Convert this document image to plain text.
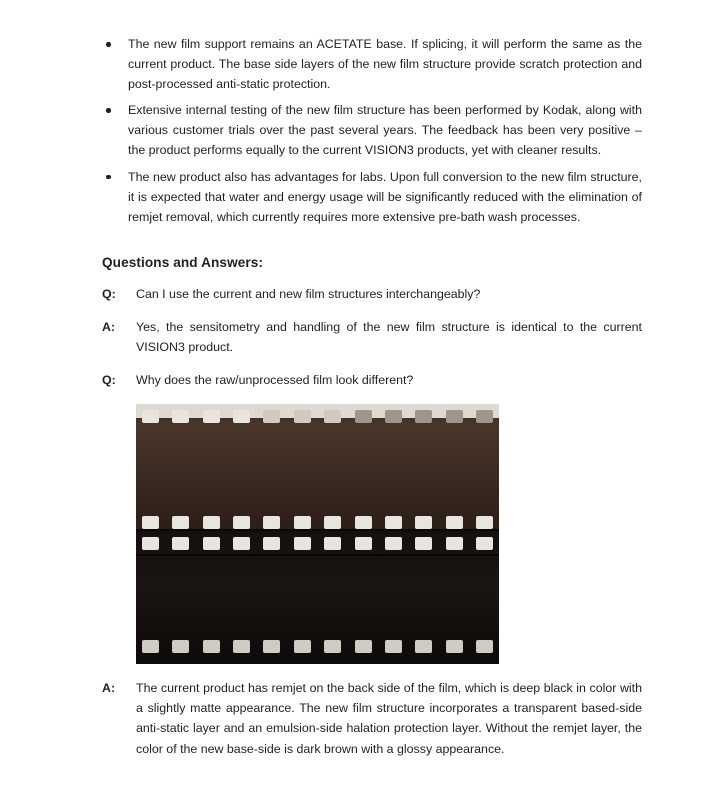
The new film support remains an ACETATE base. If splicing, it will perform the same as the current product. The base side layers of the new film structure provide scratch protection and post-processed anti-static protection.
Extensive internal testing of the new film structure has been performed by Kodak, along with various customer trials over the past several years. The feedback has been very positive – the product performs equally to the current VISION3 products, yet with cleaner results.
The new product also has advantages for labs. Upon full conversion to the new film structure, it is expected that water and energy usage will be significantly reduced with the elimination of remjet removal, which currently requires more extensive pre-bath wash processes.
Questions and Answers:
Q:	Can I use the current and new film structures interchangeably?
A:	Yes, the sensitometry and handling of the new film structure is identical to the current VISION3 product.
Q:	Why does the raw/unprocessed film look different?
A:	The current product has remjet on the back side of the film, which is deep black in color with a slightly matte appearance. The new film structure incorporates a transparent based-side anti-static layer and an emulsion-side halation protection layer. Without the remjet layer, the color of the new base-side is dark brown with a glossy appearance.
